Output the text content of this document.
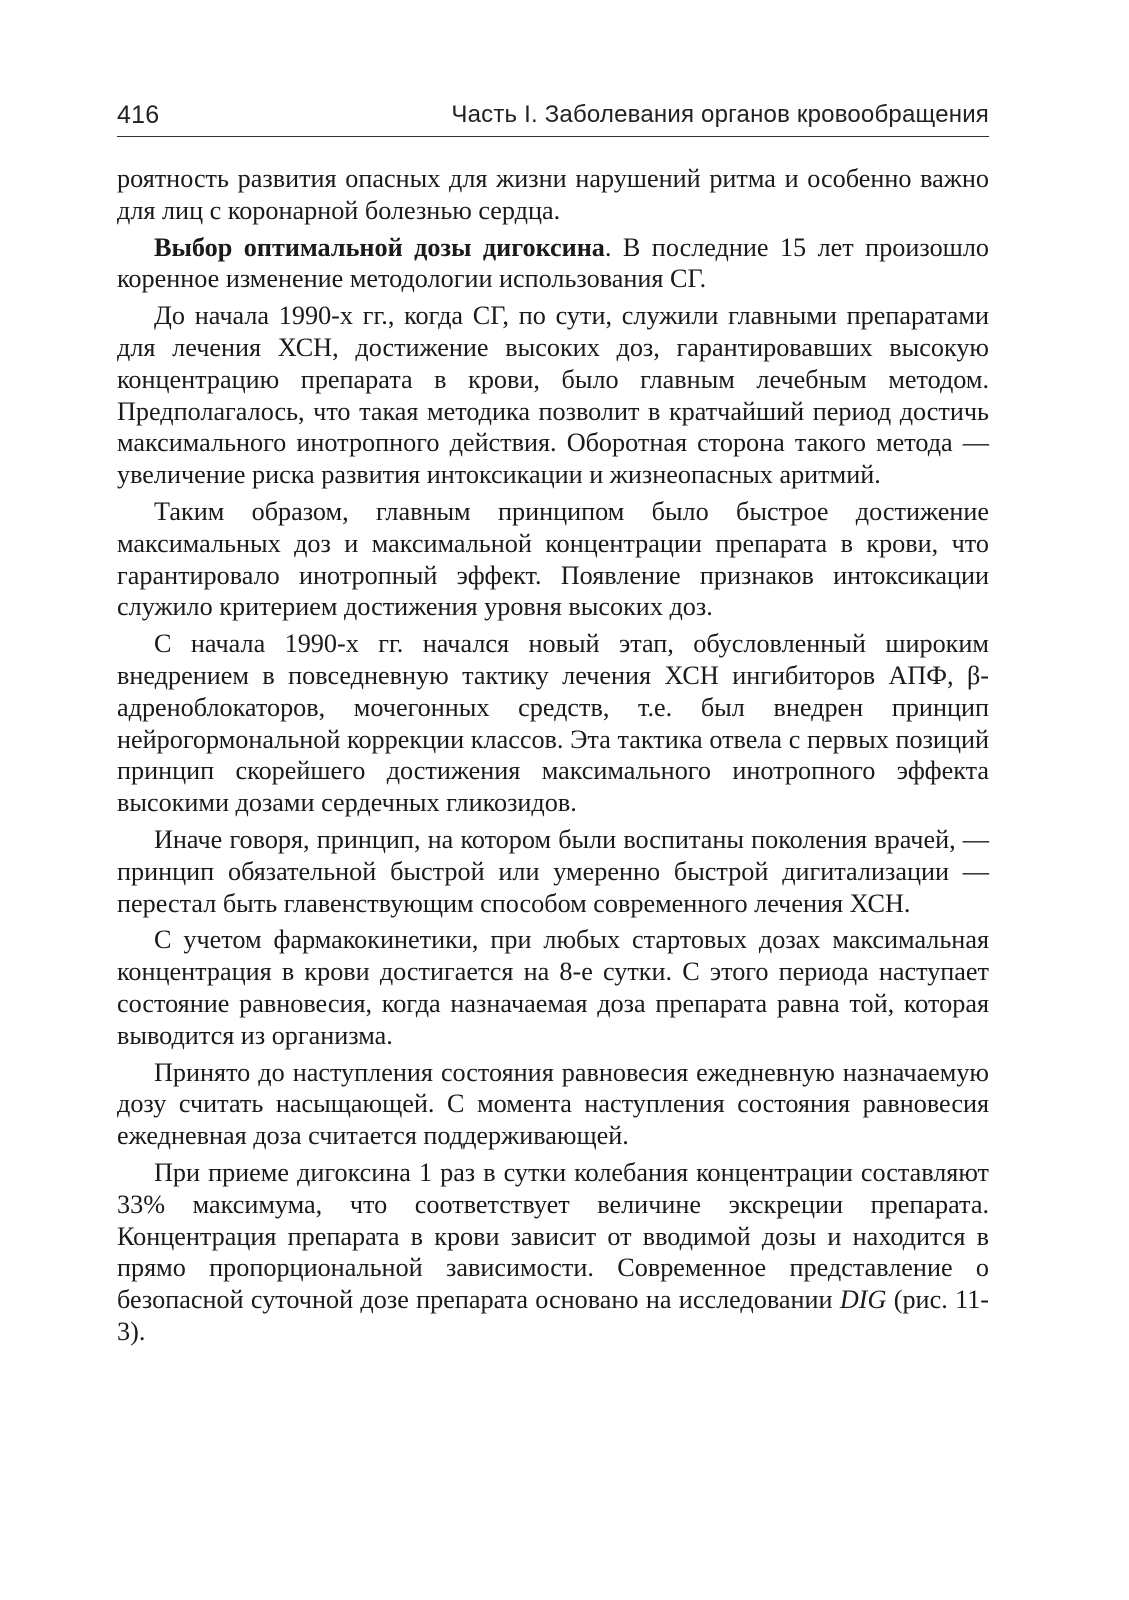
416	Часть I. Заболевания органов кровообращения

роятность развития опасных для жизни нарушений ритма и особенно важно для лиц с коронарной болезнью сердца.

Выбор оптимальной дозы дигоксина. В последние 15 лет произошло коренное изменение методологии использования СГ.

До начала 1990-х гг., когда СГ, по сути, служили главными препаратами для лечения ХСН, достижение высоких доз, гарантировавших высокую концентрацию препарата в крови, было главным лечебным методом. Предполагалось, что такая методика позволит в кратчайший период достичь максимального инотропного действия. Оборотная сторона такого метода — увеличение риска развития интоксикации и жизнеопасных аритмий.

Таким образом, главным принципом было быстрое достижение максимальных доз и максимальной концентрации препарата в крови, что гарантировало инотропный эффект. Появление признаков интоксикации служило критерием достижения уровня высоких доз.

С начала 1990-х гг. начался новый этап, обусловленный широким внедрением в повседневную тактику лечения ХСН ингибиторов АПФ, β-адреноблокаторов, мочегонных средств, т.е. был внедрен принцип нейрогормональной коррекции классов. Эта тактика отвела с первых позиций принцип скорейшего достижения максимального инотропного эффекта высокими дозами сердечных гликозидов.

Иначе говоря, принцип, на котором были воспитаны поколения врачей, — принцип обязательной быстрой или умеренно быстрой дигитализации — перестал быть главенствующим способом современного лечения ХСН.

С учетом фармакокинетики, при любых стартовых дозах максимальная концентрация в крови достигается на 8-е сутки. С этого периода наступает состояние равновесия, когда назначаемая доза препарата равна той, которая выводится из организма.

Принято до наступления состояния равновесия ежедневную назначаемую дозу считать насыщающей. С момента наступления состояния равновесия ежедневная доза считается поддерживающей.

При приеме дигоксина 1 раз в сутки колебания концентрации составляют 33% максимума, что соответствует величине экскреции препарата. Концентрация препарата в крови зависит от вводимой дозы и находится в прямо пропорциональной зависимости. Современное представление о безопасной суточной дозе препарата основано на исследовании DIG (рис. 11-3).
